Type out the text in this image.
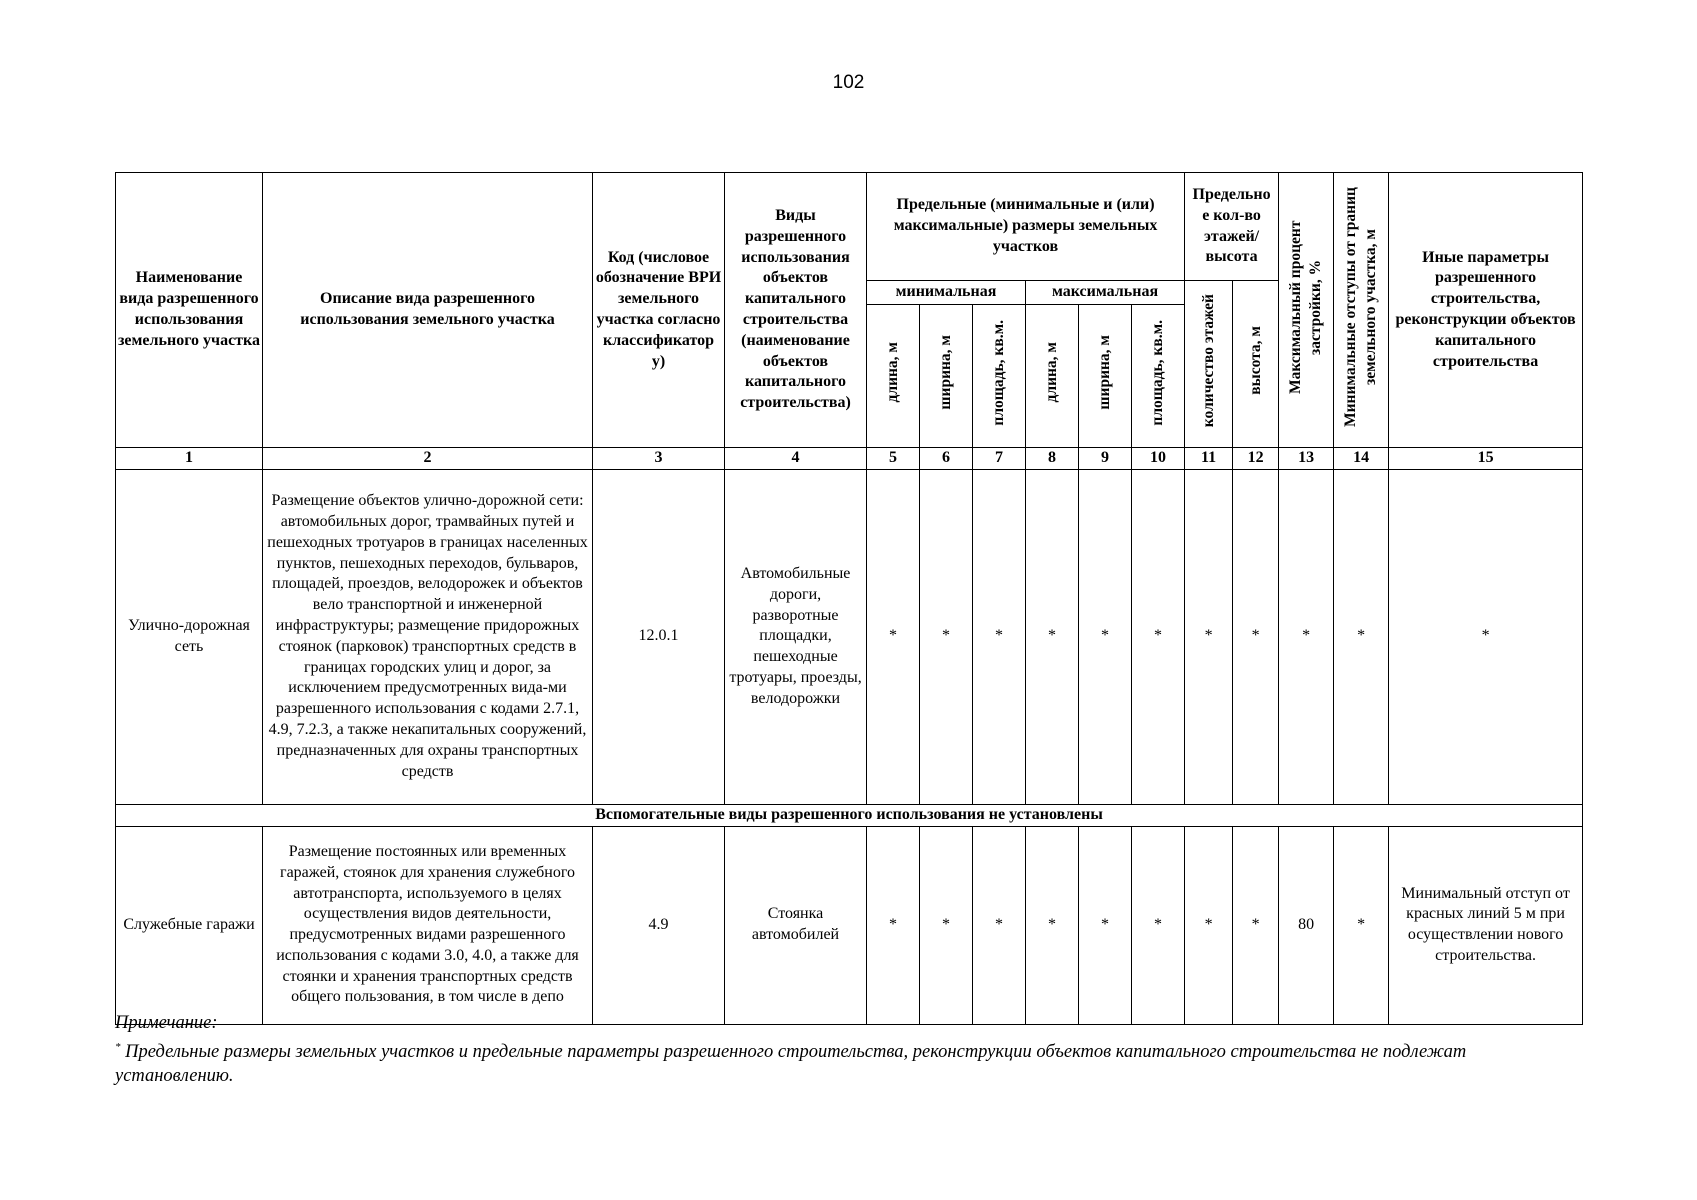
102
Наименование вида разрешенного использования земельного участка	Описание вида разрешенного использования земельного участка	Код (числовое обозначение ВРИ земельного участка согласно классификатор у)	Виды разрешенного использования объектов капитального строительства (наименование объектов капитального строительства)	Предельные (минимальные и (или) максимальные) размеры земельных участков						Предельно е кол-во этажей/ высота		Максимальный процент застройки, %	Минимальные отступы от границ земельного участка, м	Иные параметры разрешенного строительства, реконструкции объектов капитального строительства
				минимальная			максимальная			количество этажей	высота, м			
				длина, м	ширина, м	площадь, кв.м.	длина, м	ширина, м	площадь, кв.м.					
1	2	3	4	5	6	7	8	9	10	11	12	13	14	15
Улично-дорожная сеть	Размещение объектов улично-дорожной сети: автомобильных дорог, трамвайных путей и пешеходных тротуаров в границах населенных пунктов, пешеходных переходов, бульваров, площадей, проездов, велодорожек и объектов вело транспортной и инженерной инфраструктуры; размещение придорожных стоянок (парковок) транспортных средств в границах городских улиц и дорог, за исключением предусмотренных вида-ми разрешенного использования с кодами 2.7.1, 4.9, 7.2.3, а также некапитальных сооружений, предназначенных для охраны транспортных средств	12.0.1	Автомобильные дороги, разворотные площадки, пешеходные тротуары, проезды, велодорожки	*	*	*	*	*	*	*	*	*	*	*
Вспомогательные виды разрешенного использования не установлены														
Служебные гаражи	Размещение постоянных или временных гаражей, стоянок для хранения служебного автотранспорта, используемого в целях осуществления видов деятельности, предусмотренных видами разрешенного использования с кодами 3.0, 4.0, а также для стоянки и хранения транспортных средств общего пользования, в том числе в депо	4.9	Стоянка автомобилей	*	*	*	*	*	*	*	*	80	*	Минимальный отступ от красных линий 5 м при осуществлении нового строительства.
Примечание:
* Предельные размеры земельных участков и предельные параметры разрешенного строительства, реконструкции объектов капитального строительства не подлежат установлению.
